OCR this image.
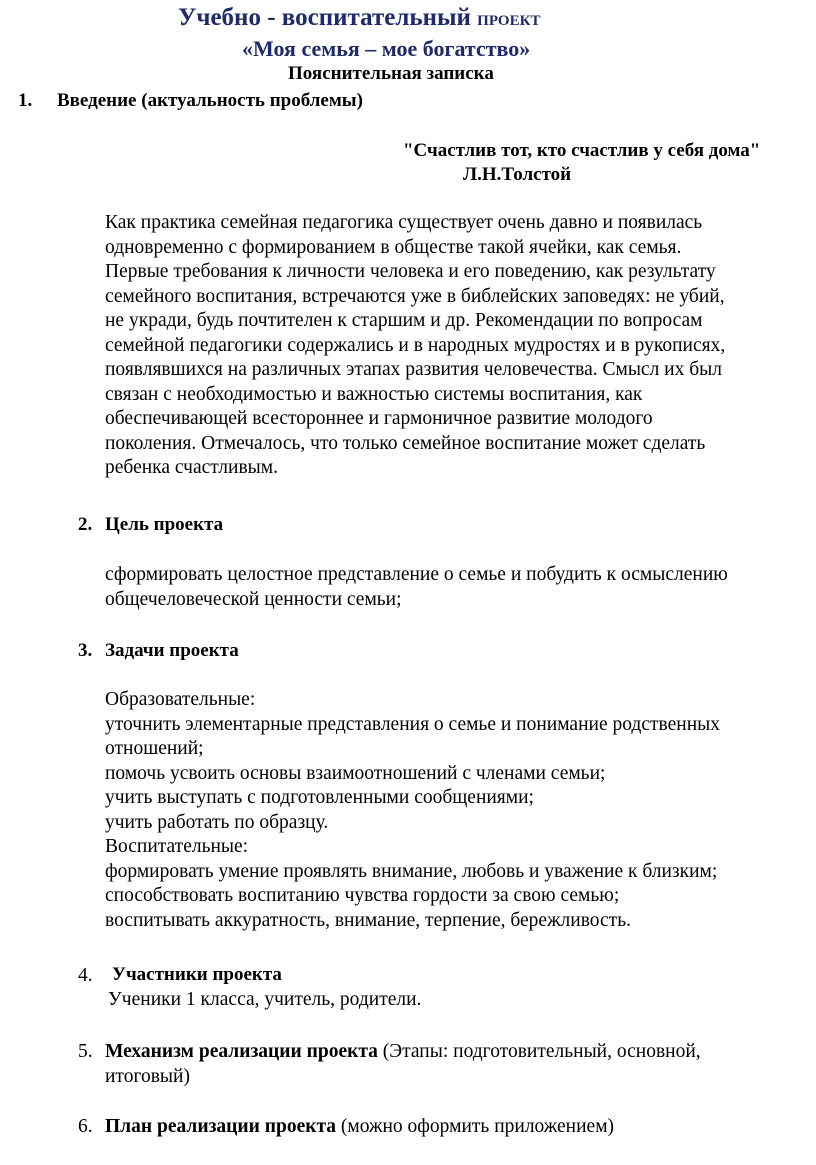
Учебно - воспитательный ПРОЕКТ
«Моя семья – мое богатство»
Пояснительная записка
1. Введение (актуальность проблемы)
"Счастлив тот, кто счастлив у себя дома"
Л.Н.Толстой
Как практика семейная педагогика существует очень давно и появилась
одновременно с формированием в обществе такой ячейки, как семья.
Первые требования к личности человека и его поведению, как результату
семейного воспитания, встречаются уже в библейских заповедях: не убий,
не укради, будь почтителен к старшим и др. Рекомендации по вопросам
семейной педагогики содержались и в народных мудростях и в рукописях,
появлявшихся на различных этапах развития человечества. Смысл их был
связан с необходимостью и важностью системы воспитания, как
обеспечивающей всестороннее и гармоничное развитие молодого
поколения. Отмечалось, что только семейное воспитание может сделать
ребенка счастливым.
2. Цель проекта
сформировать целостное представление о семье и побудить к осмыслению
общечеловеческой ценности семьи;
3. Задачи проекта
Образовательные:
уточнить элементарные представления о семье и понимание родственных
отношений;
помочь усвоить основы взаимоотношений с членами семьи;
учить выступать с подготовленными сообщениями;
учить работать по образцу.
Воспитательные:
формировать умение проявлять внимание, любовь и уважение к близким;
способствовать воспитанию чувства гордости за свою семью;
воспитывать аккуратность, внимание, терпение, бережливость.
4. Участники проекта
Ученики 1 класса, учитель, родители.
5. Механизм реализации проекта (Этапы: подготовительный, основной,
итоговый)
6. План реализации проекта (можно оформить приложением)
